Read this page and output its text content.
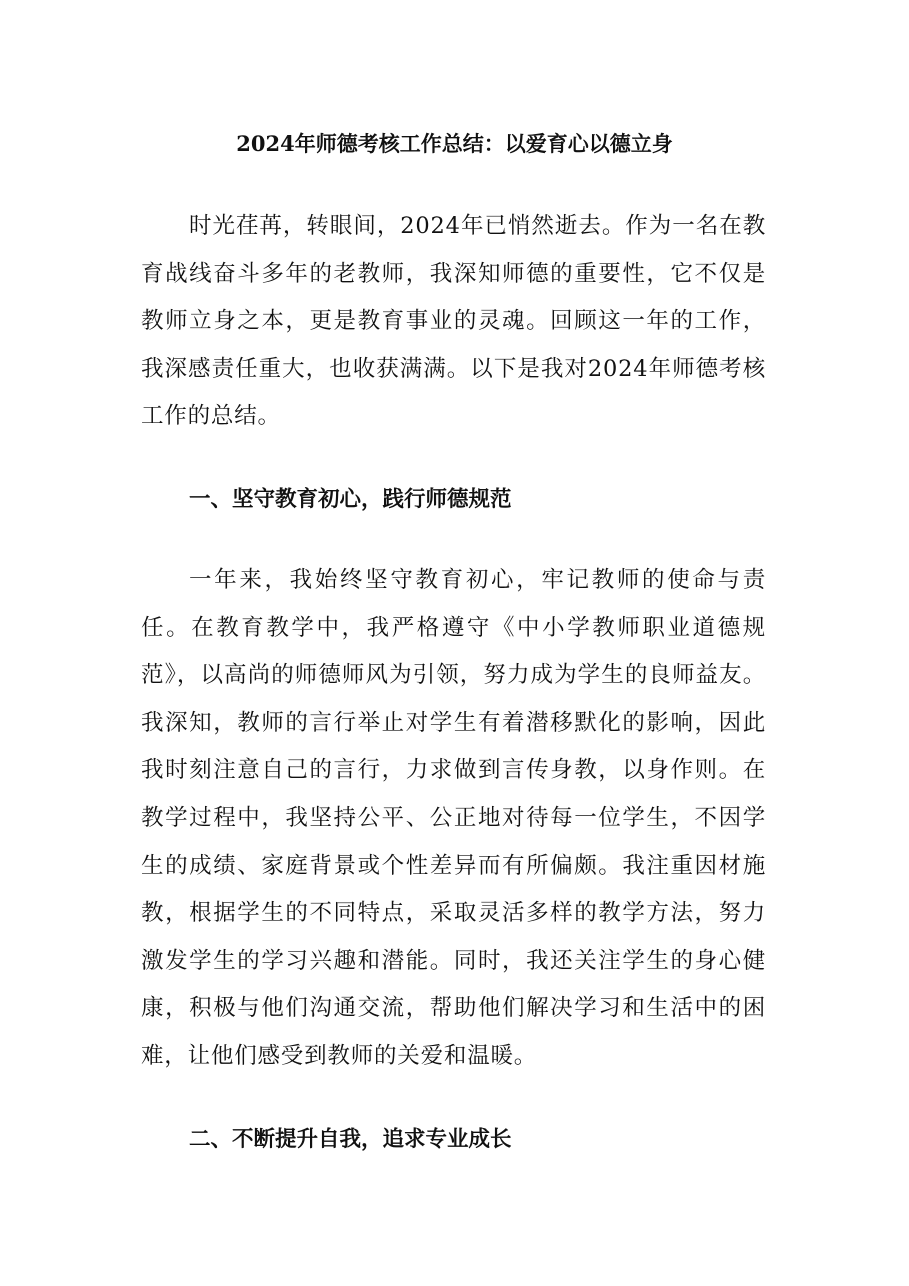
2024年师德考核工作总结：以爱育心以德立身

时光荏苒，转眼间，2024年已悄然逝去。作为一名在教育战线奋斗多年的老教师，我深知师德的重要性，它不仅是教师立身之本，更是教育事业的灵魂。回顾这一年的工作，我深感责任重大，也收获满满。以下是我对2024年师德考核工作的总结。

一、坚守教育初心，践行师德规范

一年来，我始终坚守教育初心，牢记教师的使命与责任。在教育教学中，我严格遵守《中小学教师职业道德规范》，以高尚的师德师风为引领，努力成为学生的良师益友。我深知，教师的言行举止对学生有着潜移默化的影响，因此我时刻注意自己的言行，力求做到言传身教，以身作则。在教学过程中，我坚持公平、公正地对待每一位学生，不因学生的成绩、家庭背景或个性差异而有所偏颇。我注重因材施教，根据学生的不同特点，采取灵活多样的教学方法，努力激发学生的学习兴趣和潜能。同时，我还关注学生的身心健康，积极与他们沟通交流，帮助他们解决学习和生活中的困难，让他们感受到教师的关爱和温暖。

二、不断提升自我，追求专业成长
